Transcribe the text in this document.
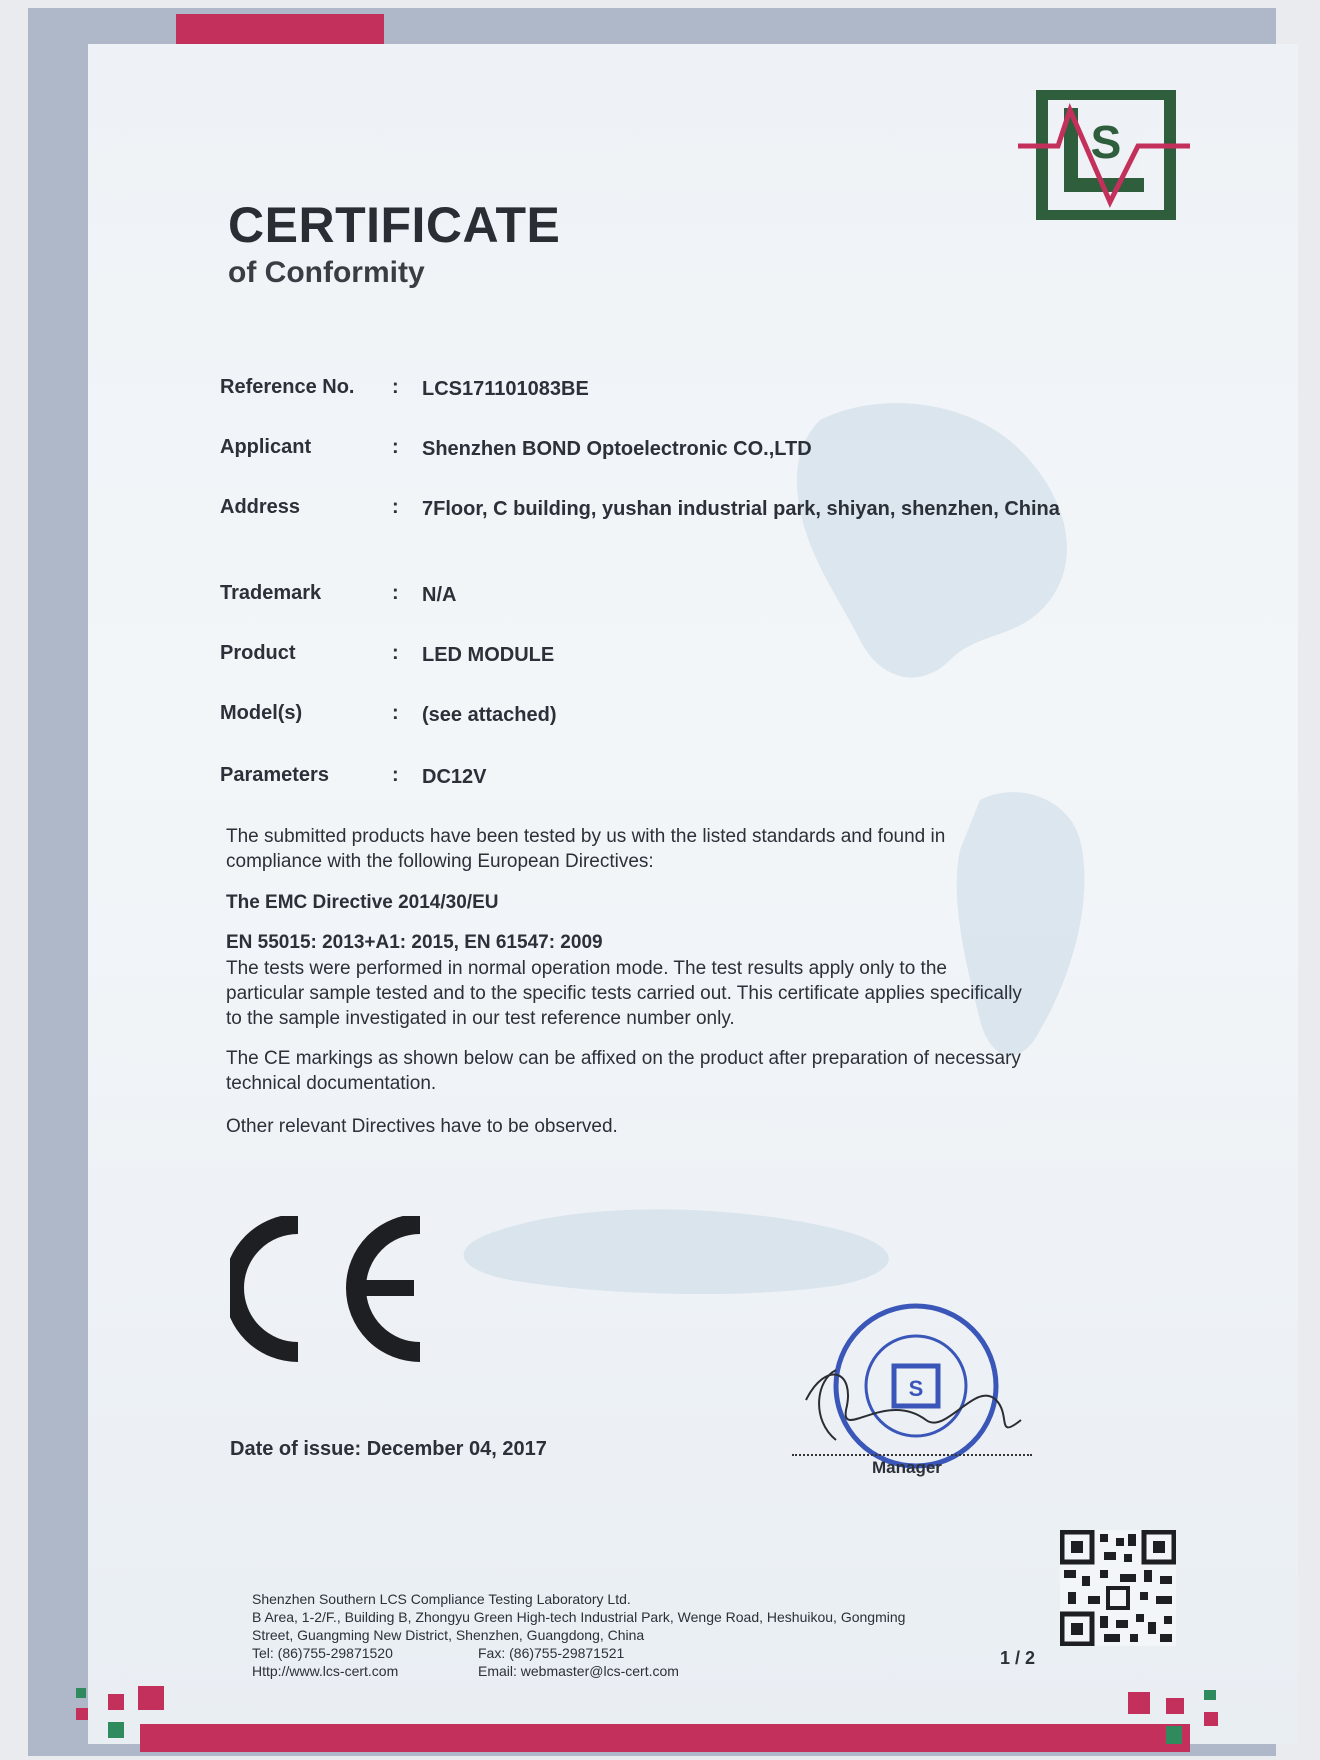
S
CERTIFICATE
of Conformity
Reference No.	: LCS171101083BE
Applicant	: Shenzhen BOND Optoelectronic CO.,LTD
Address	: 7Floor, C building, yushan industrial park, shiyan, shenzhen, China
Trademark	: N/A
Product	: LED MODULE
Model(s)	: (see attached)
Parameters	: DC12V
The submitted products have been tested by us with the listed standards and found in compliance with the following European Directives:
The EMC Directive 2014/30/EU
EN 55015: 2013+A1: 2015, EN 61547: 2009
The tests were performed in normal operation mode. The test results apply only to the particular sample tested and to the specific tests carried out. This certificate applies specifically to the sample investigated in our test reference number only.
The CE markings as shown below can be affixed on the product after preparation of necessary technical documentation.
Other relevant Directives have to be observed.
Date of issue: December 04, 2017
S
Manager
Shenzhen Southern LCS Compliance Testing Laboratory Ltd.
B Area, 1-2/F., Building B, Zhongyu Green High-tech Industrial Park, Wenge Road, Heshuikou, Gongming
Street, Guangming New District, Shenzhen, Guangdong, China
Tel: (86)755-29871520	Fax: (86)755-29871521
Http://www.lcs-cert.com	Email: webmaster@lcs-cert.com
1 / 2
